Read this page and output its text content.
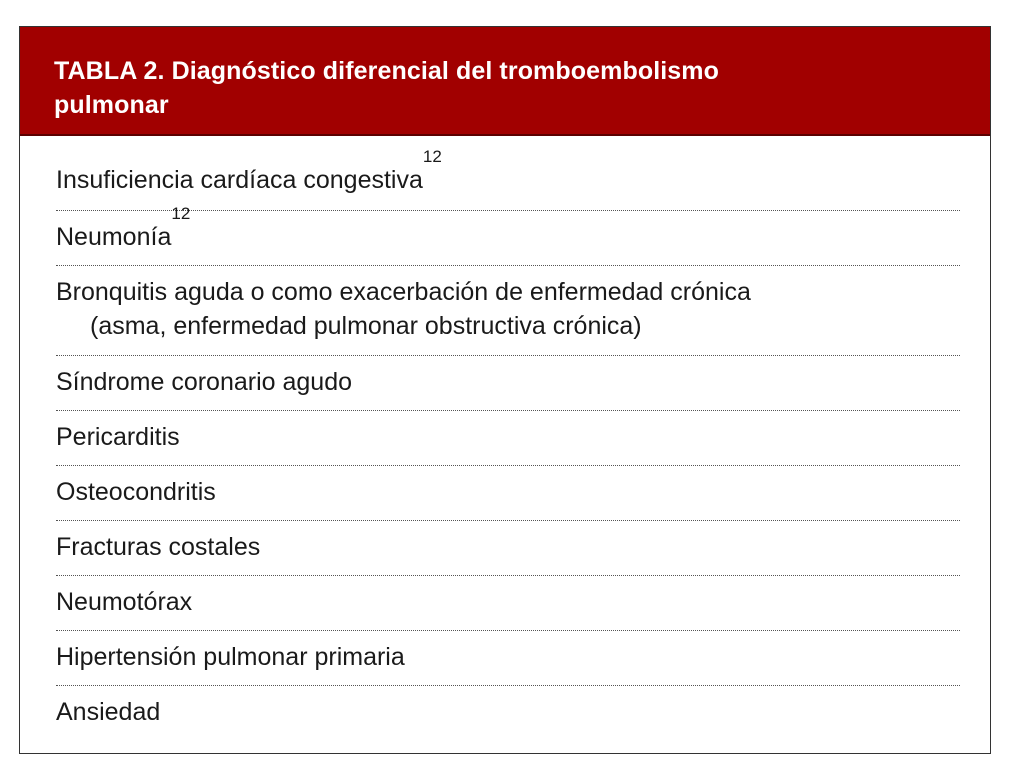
TABLA 2. Diagnóstico diferencial del tromboembolismo
pulmonar
Insuficiencia cardíaca congestiva$^{12}$
Neumonía$^{12}$
Bronquitis aguda o como exacerbación de enfermedad crónica
(asma, enfermedad pulmonar obstructiva crónica)
Síndrome coronario agudo
Pericarditis
Osteocondritis
Fracturas costales
Neumotórax
Hipertensión pulmonar primaria
Ansiedad
